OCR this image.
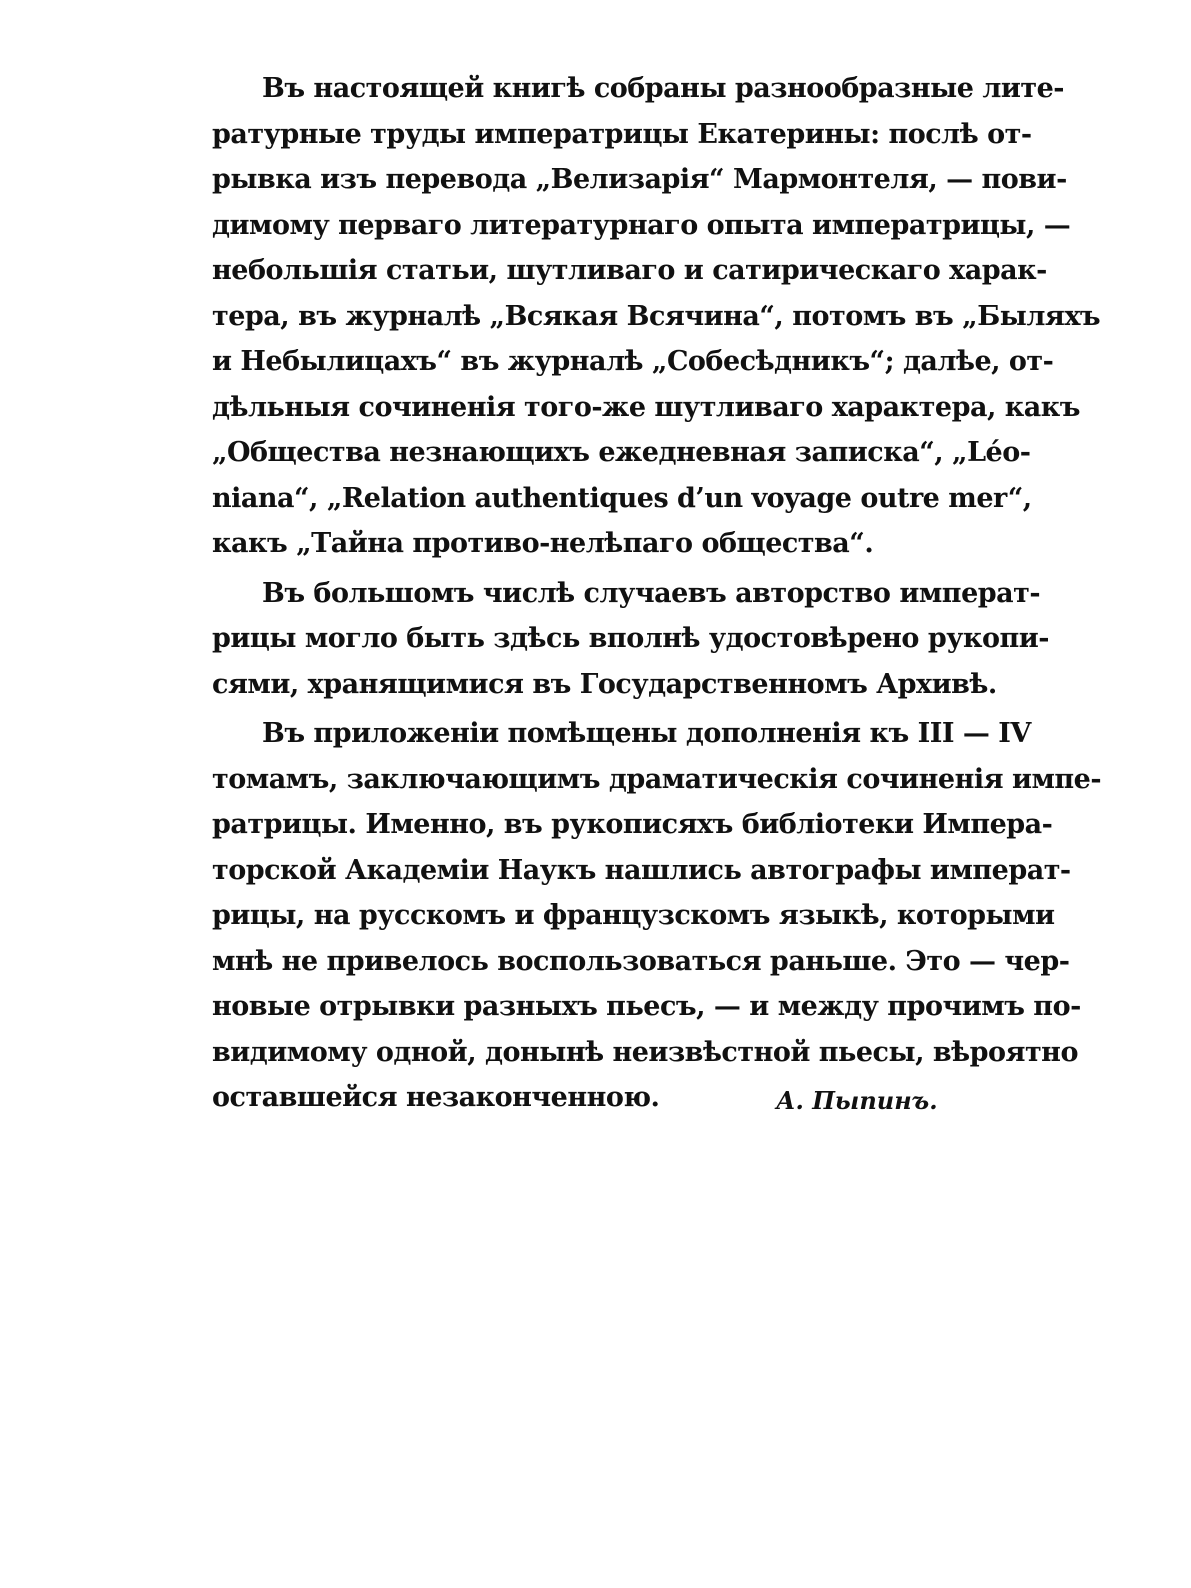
Въ настоящей книгѣ собраны разнообразные лите-
ратурные труды императрицы Екатерины: послѣ от-
рывка изъ перевода „Велизарія“ Мармонтеля, — пови-
димому перваго литературнаго опыта императрицы, —
небольшія статьи, шутливаго и сатирическаго харак-
тера, въ журналѣ „Всякая Всячина“, потомъ въ „Быляхъ
и Небылицахъ“ въ журналѣ „Собесѣдникъ“; далѣе, от-
дѣльныя сочиненія того-же шутливаго характера, какъ
„Общества незнающихъ ежедневная записка“, „Léo-
niana“, „Relation authentiques d’un voyage outre mer“,
какъ „Тайна противо-нелѣпаго общества“.
Въ большомъ числѣ случаевъ авторство императ-
рицы могло быть здѣсь вполнѣ удостовѣрено рукопи-
сями, хранящимися въ Государственномъ Архивѣ.
Въ приложеніи помѣщены дополненія къ III — IV
томамъ, заключающимъ драматическія сочиненія импе-
ратрицы. Именно, въ рукописяхъ библіотеки Импера-
торской Академіи Наукъ нашлись автографы императ-
рицы, на русскомъ и французскомъ языкѣ, которыми
мнѣ не привелось воспользоваться раньше. Это — чер-
новые отрывки разныхъ пьесъ, — и между прочимъ по-
видимому одной, донынѣ неизвѣстной пьесы, вѣроятно
оставшейся незаконченною.	А. Пыпинъ.
